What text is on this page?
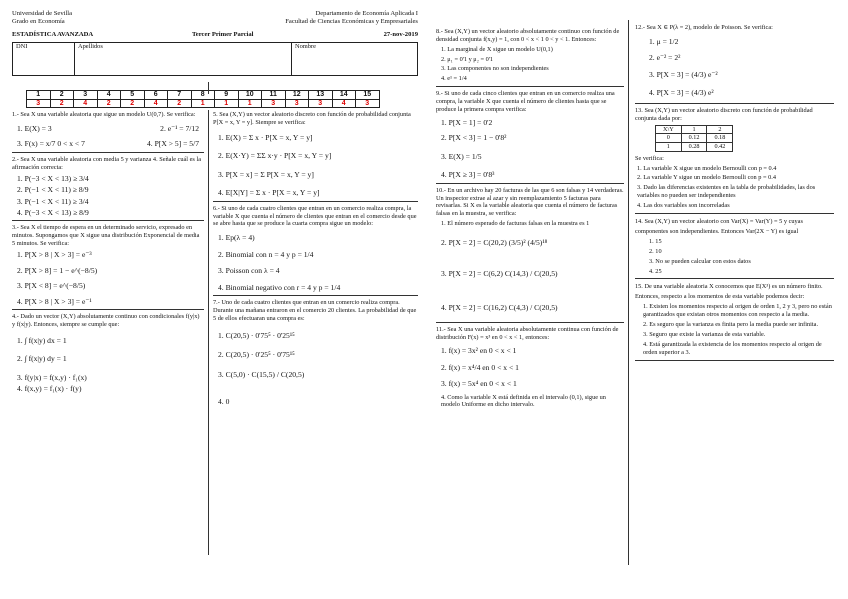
Universidad de Sevilla
Grado en Economía
Departamento de Economía Aplicada I
Facultad de Ciencias Económicas y Empresariales
ESTADÍSTICA AVANZADA	Tercer Primer Parcial	27-nov-2019
DNI	Apellidos	Nombre
1	2	3	4	5	6	7	8	9	10	11	12	13	14	15
3	2	4	2	2	4	2	1	1	1	3	3	3	4	3

1.- Sea X una variable aleatoria que sigue un modelo U(0,7). Se verifica:

1. E(X) = 3	2. e⁻¹ = 7/12
3. F(x) = x/7 0 < x < 7	4. P[X > 5] = 5/7

2.- Sea X una variable aleatoria con media 5 y varianza 4. Señale cuál es la afirmación correcta:

1. P(−3 < X < 13) ≥ 3/4
2. P(−1 < X < 11) ≥ 8/9
3. P(−1 < X < 11) ≥ 3/4
4. P(−3 < X < 13) ≥ 8/9

3.- Sea X el tiempo de espera en un determinado servicio, expresado en minutos. Supongamos que X sigue una distribución Exponencial de media 5 minutos. Se verifica:

1. P[X > 8 | X > 3] = e⁻³
2. P[X > 8] = 1 − e^(−8/5)
3. P[X < 8] = e^(−8/5)
4. P[X > 8 | X > 3] = e⁻¹

4.- Dado un vector (X,Y) absolutamente continuo con condicionales f(y|x) y f(x|y). Entonces, siempre se cumple que:

1. ∫ f(x|y) dx = 1
2. ∫ f(x|y) dy = 1
3. f(y|x) = f(x,y) · f₁(x)
4. f(x,y) = f₁(x) · f(y)

5. Sea (X,Y) un vector aleatorio discreto con función de probabilidad conjunta P[X = x, Y = y]. Siempre se verifica:

1. E(X) = Σ x · P[X = x, Y = y]
2. E(X·Y) = ΣΣ x·y · P[X = x, Y = y]
3. P[X = x] = Σ P[X = x, Y = y]
4. E[X|Y] = Σ x · P[X = x, Y = y]

6.- Si uno de cada cuatro clientes que entran en un comercio realiza compra, la variable X que cuenta el número de clientes que entran en el comercio desde que se abre hasta que se produce la cuarta compra sigue un modelo:

1. Ep(λ = 4)
2. Binomial con n = 4 y p = 1/4
3. Poisson con λ = 4
4. Binomial negativo con r = 4 y p = 1/4

7.- Uno de cada cuatro clientes que entran en un comercio realiza compra. Durante una mañana entraron en el comercio 20 clientes. La probabilidad de que 5 de ellos efectuaran una compra es:

1. C(20,5) · 0'75⁵ · 0'25¹⁵
2. C(20,5) · 0'25⁵ · 0'75¹⁵
3. C(5,0) · C(15,5) / C(20,5)
4. 0

8.- Sea (X,Y) un vector aleatorio absolutamente continuo con función de densidad conjunta f(x,y) = 1, con 0 < x < 1 0 < y < 1. Entonces:

1. La marginal de X sigue un modelo U(0,1)
2. μ₁ = 0'1 y μ₂ = 0'1
3. Las componentes no son independientes
4. e¹ = 1/4

9.- Si uno de cada cinco clientes que entran en un comercio realiza una compra, la variable X que cuenta el número de clientes hasta que se produce la primera compra verifica:

1. P[X = 1] = 0'2
2. P[X < 3] = 1 − 0'8²
3. E(X) = 1/5
4. P[X ≥ 3] = 0'8³

10.- En un archivo hay 20 facturas de las que 6 son falsas y 14 verdaderas. Un inspector extrae al azar y sin reemplazamiento 5 facturas para revisarlas. Si X es la variable aleatoria que cuenta el número de facturas falsas en la muestra, se verifica:

1. El número esperado de facturas falsas en la muestra es 1
2. P[X = 2] = C(20,2) (3/5)² (4/5)¹⁸
3. P[X = 2] = C(6,2) C(14,3) / C(20,5)
4. P[X = 2] = C(16,2) C(4,3) / C(20,5)

11.- Sea X una variable aleatoria absolutamente continua con función de distribución F(x) = x³ en 0 < x < 1, entonces:

1. f(x) = 3x² en 0 < x < 1
2. f(x) = x⁴/4 en 0 < x < 1
3. f(x) = 5x⁴ en 0 < x < 1
4. Como la variable X está definida en el intervalo (0,1), sigue un modelo Uniforme en dicho intervalo.

12.- Sea X ∈ P(λ = 2), modelo de Poisson. Se verifica:

1. μ = 1/2
2. e⁻² = 2²
3. P[X = 3] = (4/3) e⁻²
4. P[X = 3] = (4/3) e²

13. Sea (X,Y) un vector aleatorio discreto con función de probabilidad conjunta dada por:

X\Y	1	2
0	0.12	0.18
1	0.28	0.42

Se verifica:

1. La variable X sigue un modelo Bernoulli con p = 0.4
2. La variable Y sigue un modelo Bernoulli con p = 0.4
3. Dado las diferencias existentes en la tabla de probabilidades, las dos variables no pueden ser independientes
4. Las dos variables son incorreladas

14. Sea (X,Y) un vector aleatorio con Var(X) = Var(Y) = 5 y cuyas componentes son independientes. Entonces Var(2X − Y) es igual

1. 15
2. 10
3. No se pueden calcular con estos datos
4. 25

15. De una variable aleatoria X conocemos que E(X³) es un número finito. Entonces, respecto a los momentos de esta variable podemos decir:

1. Existen los momentos respecto al origen de orden 1, 2 y 3, pero no están garantizados que existan otros momentos con respecto a la media.
2. Es seguro que la varianza es finita pero la media puede ser infinita.
3. Seguro que existe la varianza de esta variable.
4. Está garantizada la existencia de los momentos respecto al origen de orden superior a 3.
